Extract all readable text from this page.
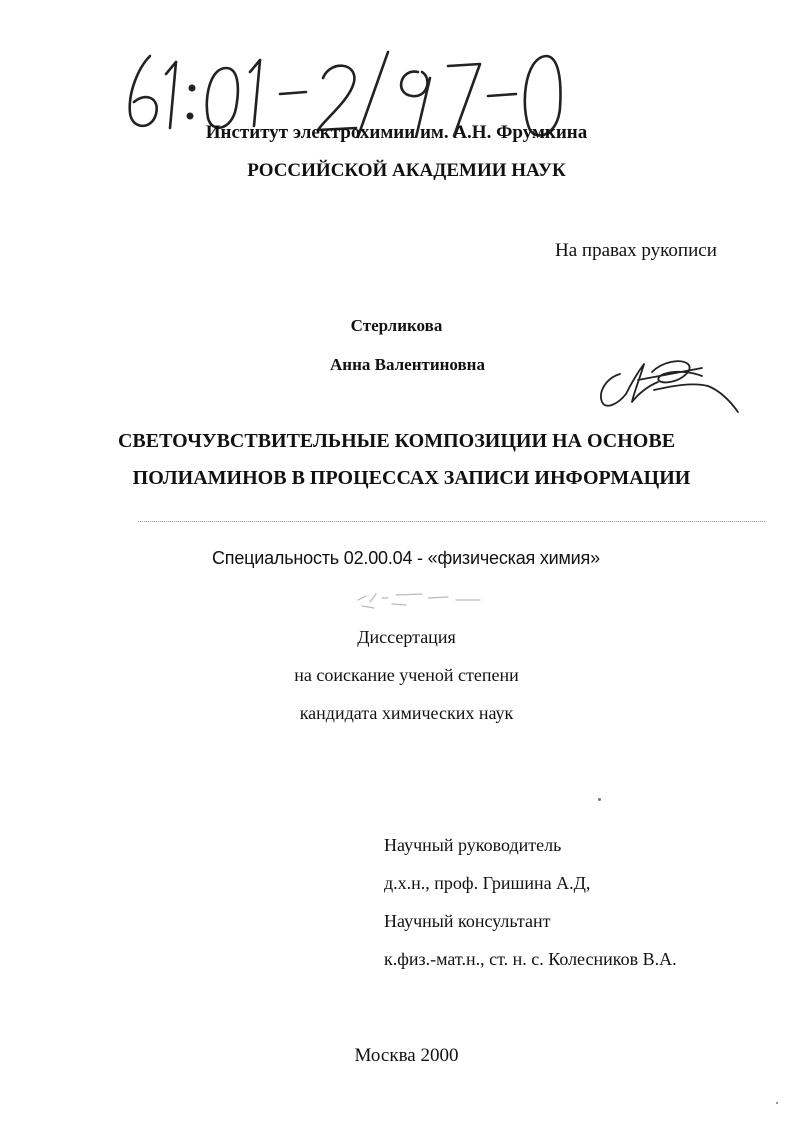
Институт электрохимии им. А.Н. Фрумкина
РОССИЙСКОЙ АКАДЕМИИ НАУК
На правах рукописи
Стерликова
Анна Валентиновна
СВЕТОЧУВСТВИТЕЛЬНЫЕ КОМПОЗИЦИИ НА ОСНОВЕ
ПОЛИАМИНОВ В ПРОЦЕССАХ ЗАПИСИ ИНФОРМАЦИИ
Специальность 02.00.04 - «физическая химия»
Диссертация
на соискание ученой степени
кандидата химических наук
Научный руководитель
д.х.н., проф. Гришина А.Д,
Научный консультант
к.физ.-мат.н., ст. н. с. Колесников В.А.
Москва 2000
